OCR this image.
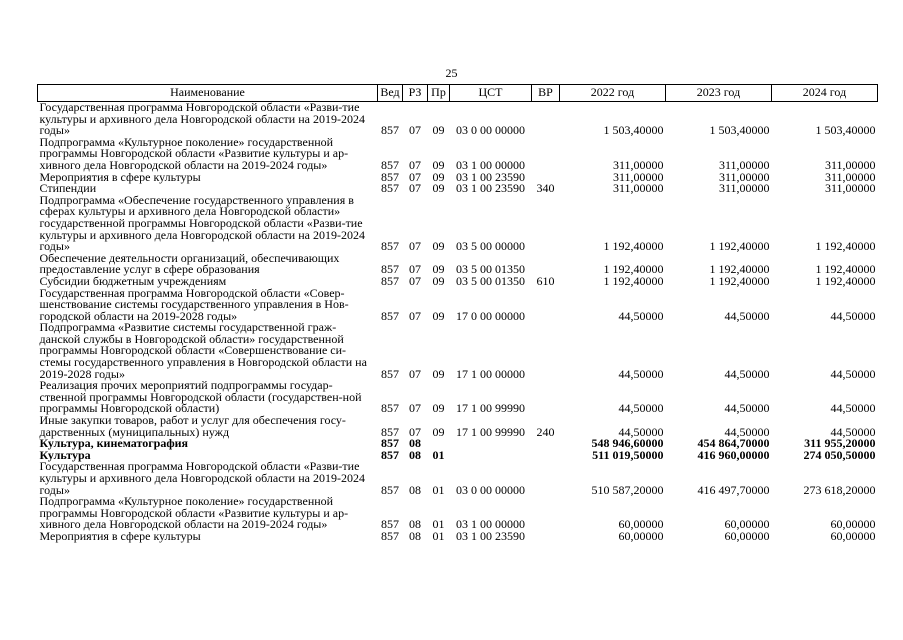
25
Наименование	Вед	РЗ	Пр	ЦСТ	ВР	2022 год	2023 год	2024 год
Государственная программа Новгородской области «Разви-тие культуры и архивного дела Новгородской области на 2019-2024 годы»	857	07	09	03 0 00 00000		1 503,40000	1 503,40000	1 503,40000
Подпрограмма «Культурное поколение» государственной программы Новгородской области «Развитие культуры и ар-хивного дела Новгородской области на 2019-2024 годы»	857	07	09	03 1 00 00000		311,00000	311,00000	311,00000
Мероприятия в сфере культуры	857	07	09	03 1 00 23590		311,00000	311,00000	311,00000
Стипендии	857	07	09	03 1 00 23590	340	311,00000	311,00000	311,00000
Подпрограмма «Обеспечение государственного управления в сферах культуры и архивного дела Новгородской области» государственной программы Новгородской области «Разви-тие культуры и архивного дела Новгородской области на 2019-2024 годы»	857	07	09	03 5 00 00000		1 192,40000	1 192,40000	1 192,40000
Обеспечение деятельности организаций, обеспечивающих предоставление услуг в сфере образования	857	07	09	03 5 00 01350		1 192,40000	1 192,40000	1 192,40000
Субсидии бюджетным учреждениям	857	07	09	03 5 00 01350	610	1 192,40000	1 192,40000	1 192,40000
Государственная программа Новгородской области «Совер-шенствование системы государственного управления в Нов-городской области на 2019-2028 годы»	857	07	09	17 0 00 00000		44,50000	44,50000	44,50000
Подпрограмма «Развитие системы государственной граж-данской службы в Новгородской области» государственной программы Новгородской области «Совершенствование си-стемы государственного управления в Новгородской области на 2019-2028 годы»	857	07	09	17 1 00 00000		44,50000	44,50000	44,50000
Реализация прочих мероприятий подпрограммы государ-ственной программы Новгородской области (государствен-ной программы Новгородской области)	857	07	09	17 1 00 99990		44,50000	44,50000	44,50000
Иные закупки товаров, работ и услуг для обеспечения госу-дарственных (муниципальных) нужд	857	07	09	17 1 00 99990	240	44,50000	44,50000	44,50000
Культура, кинематография	857	08				548 946,60000	454 864,70000	311 955,20000
Культура	857	08	01			511 019,50000	416 960,00000	274 050,50000
Государственная программа Новгородской области «Разви-тие культуры и архивного дела Новгородской области на 2019-2024 годы»	857	08	01	03 0 00 00000		510 587,20000	416 497,70000	273 618,20000
Подпрограмма «Культурное поколение» государственной программы Новгородской области «Развитие культуры и ар-хивного дела Новгородской области на 2019-2024 годы»	857	08	01	03 1 00 00000		60,00000	60,00000	60,00000
Мероприятия в сфере культуры	857	08	01	03 1 00 23590		60,00000	60,00000	60,00000
